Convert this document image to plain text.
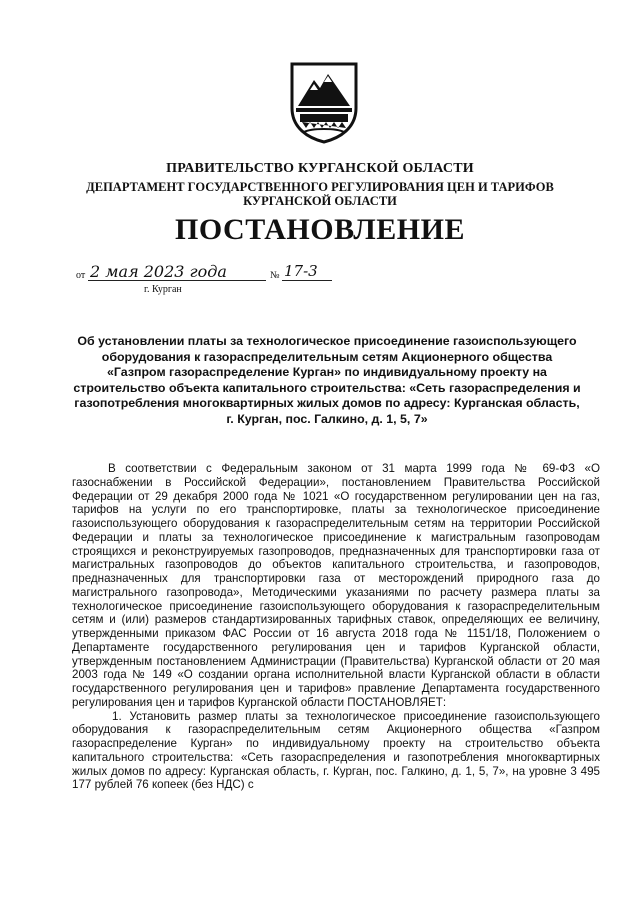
ПРАВИТЕЛЬСТВО КУРГАНСКОЙ ОБЛАСТИ
ДЕПАРТАМЕНТ ГОСУДАРСТВЕННОГО РЕГУЛИРОВАНИЯ ЦЕН И ТАРИФОВ
КУРГАНСКОЙ ОБЛАСТИ
ПОСТАНОВЛЕНИЕ
от 2 мая 2023 года	№ 17-3
г. Курган
Об установлении платы за технологическое присоединение газоиспользующего
оборудования к газораспределительным сетям Акционерного общества
«Газпром газораспределение Курган» по индивидуальному проекту на
строительство объекта капитального строительства: «Сеть газораспределения и
газопотребления многоквартирных жилых домов по адресу: Курганская область,
г. Курган, пос. Галкино, д. 1, 5, 7»

В соответствии с Федеральным законом от 31 марта 1999 года № 69-ФЗ «О газоснабжении в Российской Федерации», постановлением Правительства Российской Федерации от 29 декабря 2000 года № 1021 «О государственном регулировании цен на газ, тарифов на услуги по его транспортировке, платы за технологическое присоединение газоиспользующего оборудования к газораспределительным сетям на территории Российской Федерации и платы за технологическое присоединение к магистральным газопроводам строящихся и реконструируемых газопроводов, предназначенных для транспортировки газа от магистральных газопроводов до объектов капитального строительства, и газопроводов, предназначенных для транспортировки газа от месторождений природного газа до магистрального газопровода», Методическими указаниями по расчету размера платы за технологическое присоединение газоиспользующего оборудования к газораспределительным сетям и (или) размеров стандартизированных тарифных ставок, определяющих ее величину, утвержденными приказом ФАС России от 16 августа 2018 года № 1151/18, Положением о Департаменте государственного регулирования цен и тарифов Курганской области, утвержденным постановлением Администрации (Правительства) Курганской области от 20 мая 2003 года № 149 «О создании органа исполнительной власти Курганской области в области государственного регулирования цен и тарифов» правление Департамента государственного регулирования цен и тарифов Курганской области ПОСТАНОВЛЯЕТ:

1. Установить размер платы за технологическое присоединение газоиспользующего оборудования к газораспределительным сетям Акционерного общества «Газпром газораспределение Курган» по индивидуальному проекту на строительство объекта капитального строительства: «Сеть газораспределения и газопотребления многоквартирных жилых домов по адресу: Курганская область, г. Курган, пос. Галкино, д. 1, 5, 7», на уровне 3 495 177 рублей 76 копеек (без НДС) с
